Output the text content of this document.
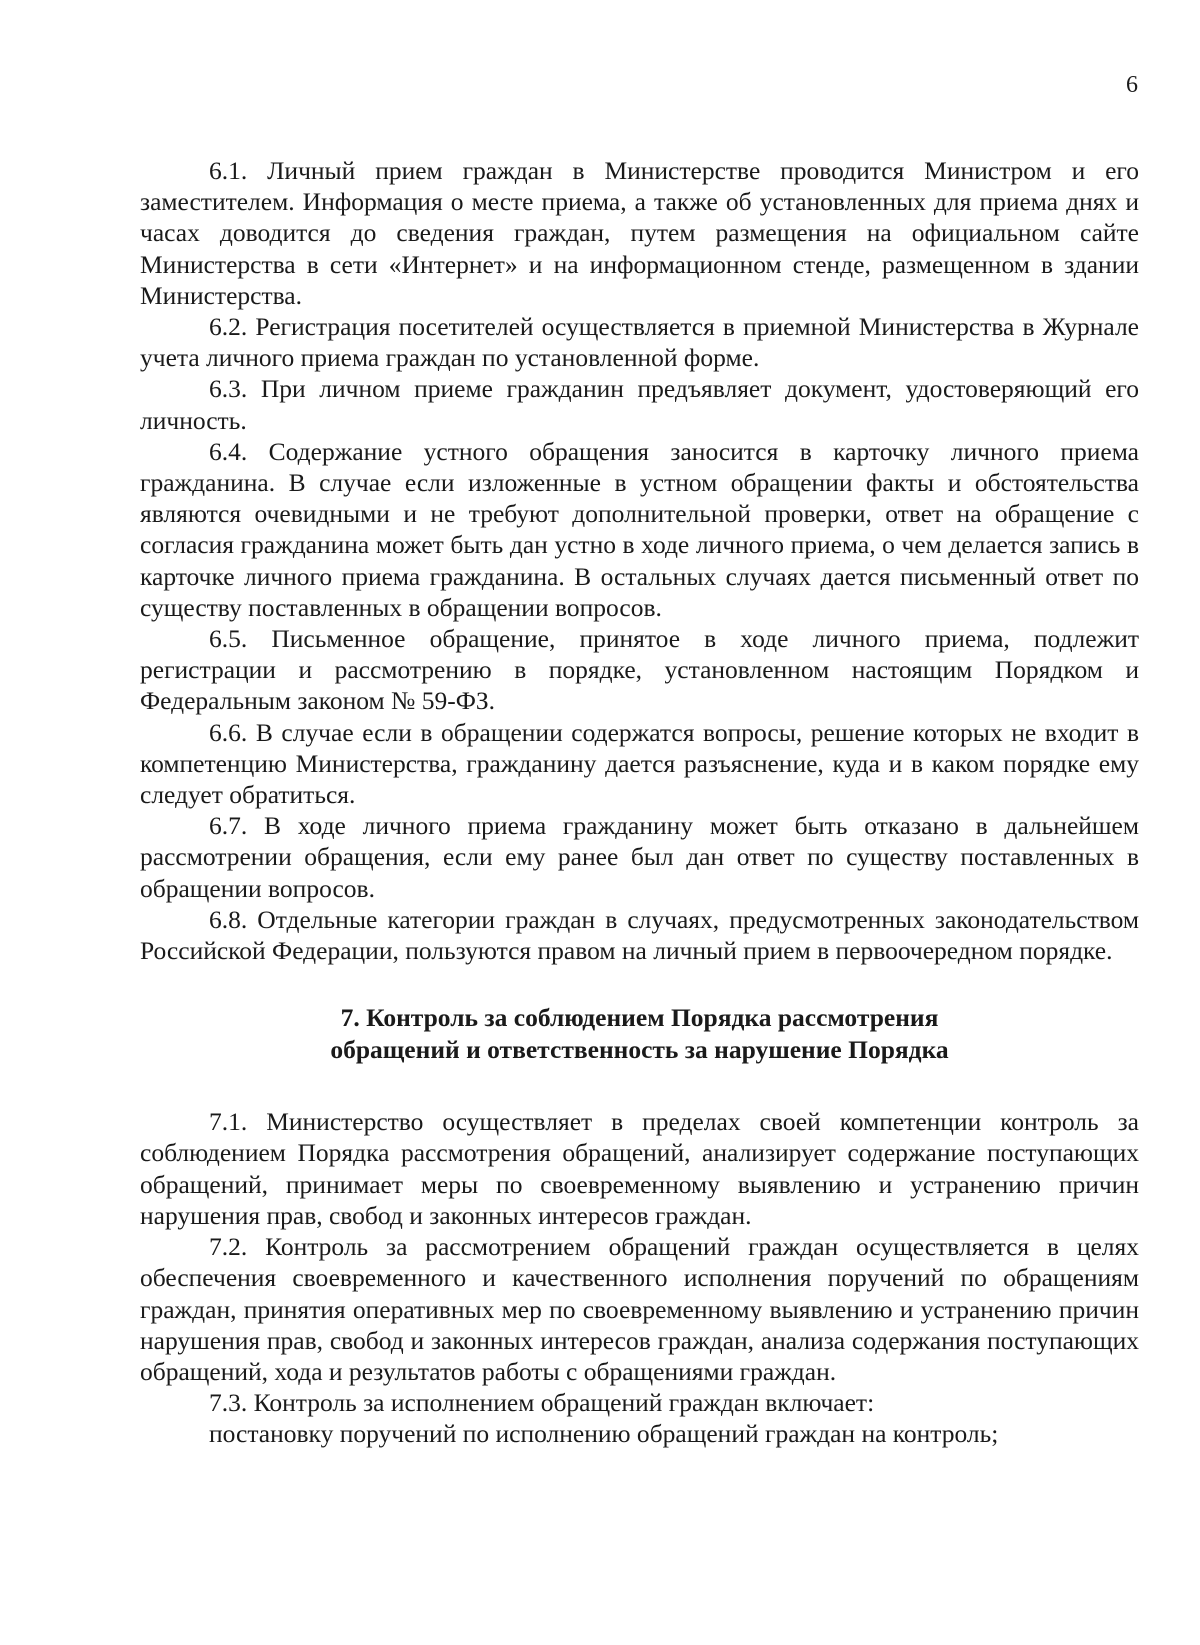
6

6.1. Личный прием граждан в Министерстве проводится Министром и его заместителем. Информация о месте приема, а также об установленных для приема днях и часах доводится до сведения граждан, путем размещения на официальном сайте Министерства в сети «Интернет» и на информационном стенде, размещенном в здании Министерства.

6.2. Регистрация посетителей осуществляется в приемной Министерства в Журнале учета личного приема граждан по установленной форме.

6.3. При личном приеме гражданин предъявляет документ, удостоверяющий его личность.

6.4. Содержание устного обращения заносится в карточку личного приема гражданина. В случае если изложенные в устном обращении факты и обстоятельства являются очевидными и не требуют дополнительной проверки, ответ на обращение с согласия гражданина может быть дан устно в ходе личного приема, о чем делается запись в карточке личного приема гражданина. В остальных случаях дается письменный ответ по существу поставленных в обращении вопросов.

6.5. Письменное обращение, принятое в ходе личного приема, подлежит регистрации и рассмотрению в порядке, установленном настоящим Порядком и Федеральным законом № 59-ФЗ.

6.6. В случае если в обращении содержатся вопросы, решение которых не входит в компетенцию Министерства, гражданину дается разъяснение, куда и в каком порядке ему следует обратиться.

6.7. В ходе личного приема гражданину может быть отказано в дальнейшем рассмотрении обращения, если ему ранее был дан ответ по существу поставленных в обращении вопросов.

6.8. Отдельные категории граждан в случаях, предусмотренных законодательством Российской Федерации, пользуются правом на личный прием в первоочередном порядке.

7. Контроль за соблюдением Порядка рассмотрения
обращений и ответственность за нарушение Порядка

7.1. Министерство осуществляет в пределах своей компетенции контроль за соблюдением Порядка рассмотрения обращений, анализирует содержание поступающих обращений, принимает меры по своевременному выявлению и устранению причин нарушения прав, свобод и законных интересов граждан.

7.2. Контроль за рассмотрением обращений граждан осуществляется в целях обеспечения своевременного и качественного исполнения поручений по обращениям граждан, принятия оперативных мер по своевременному выявлению и устранению причин нарушения прав, свобод и законных интересов граждан, анализа содержания поступающих обращений, хода и результатов работы с обращениями граждан.

7.3. Контроль за исполнением обращений граждан включает:

постановку поручений по исполнению обращений граждан на контроль;
